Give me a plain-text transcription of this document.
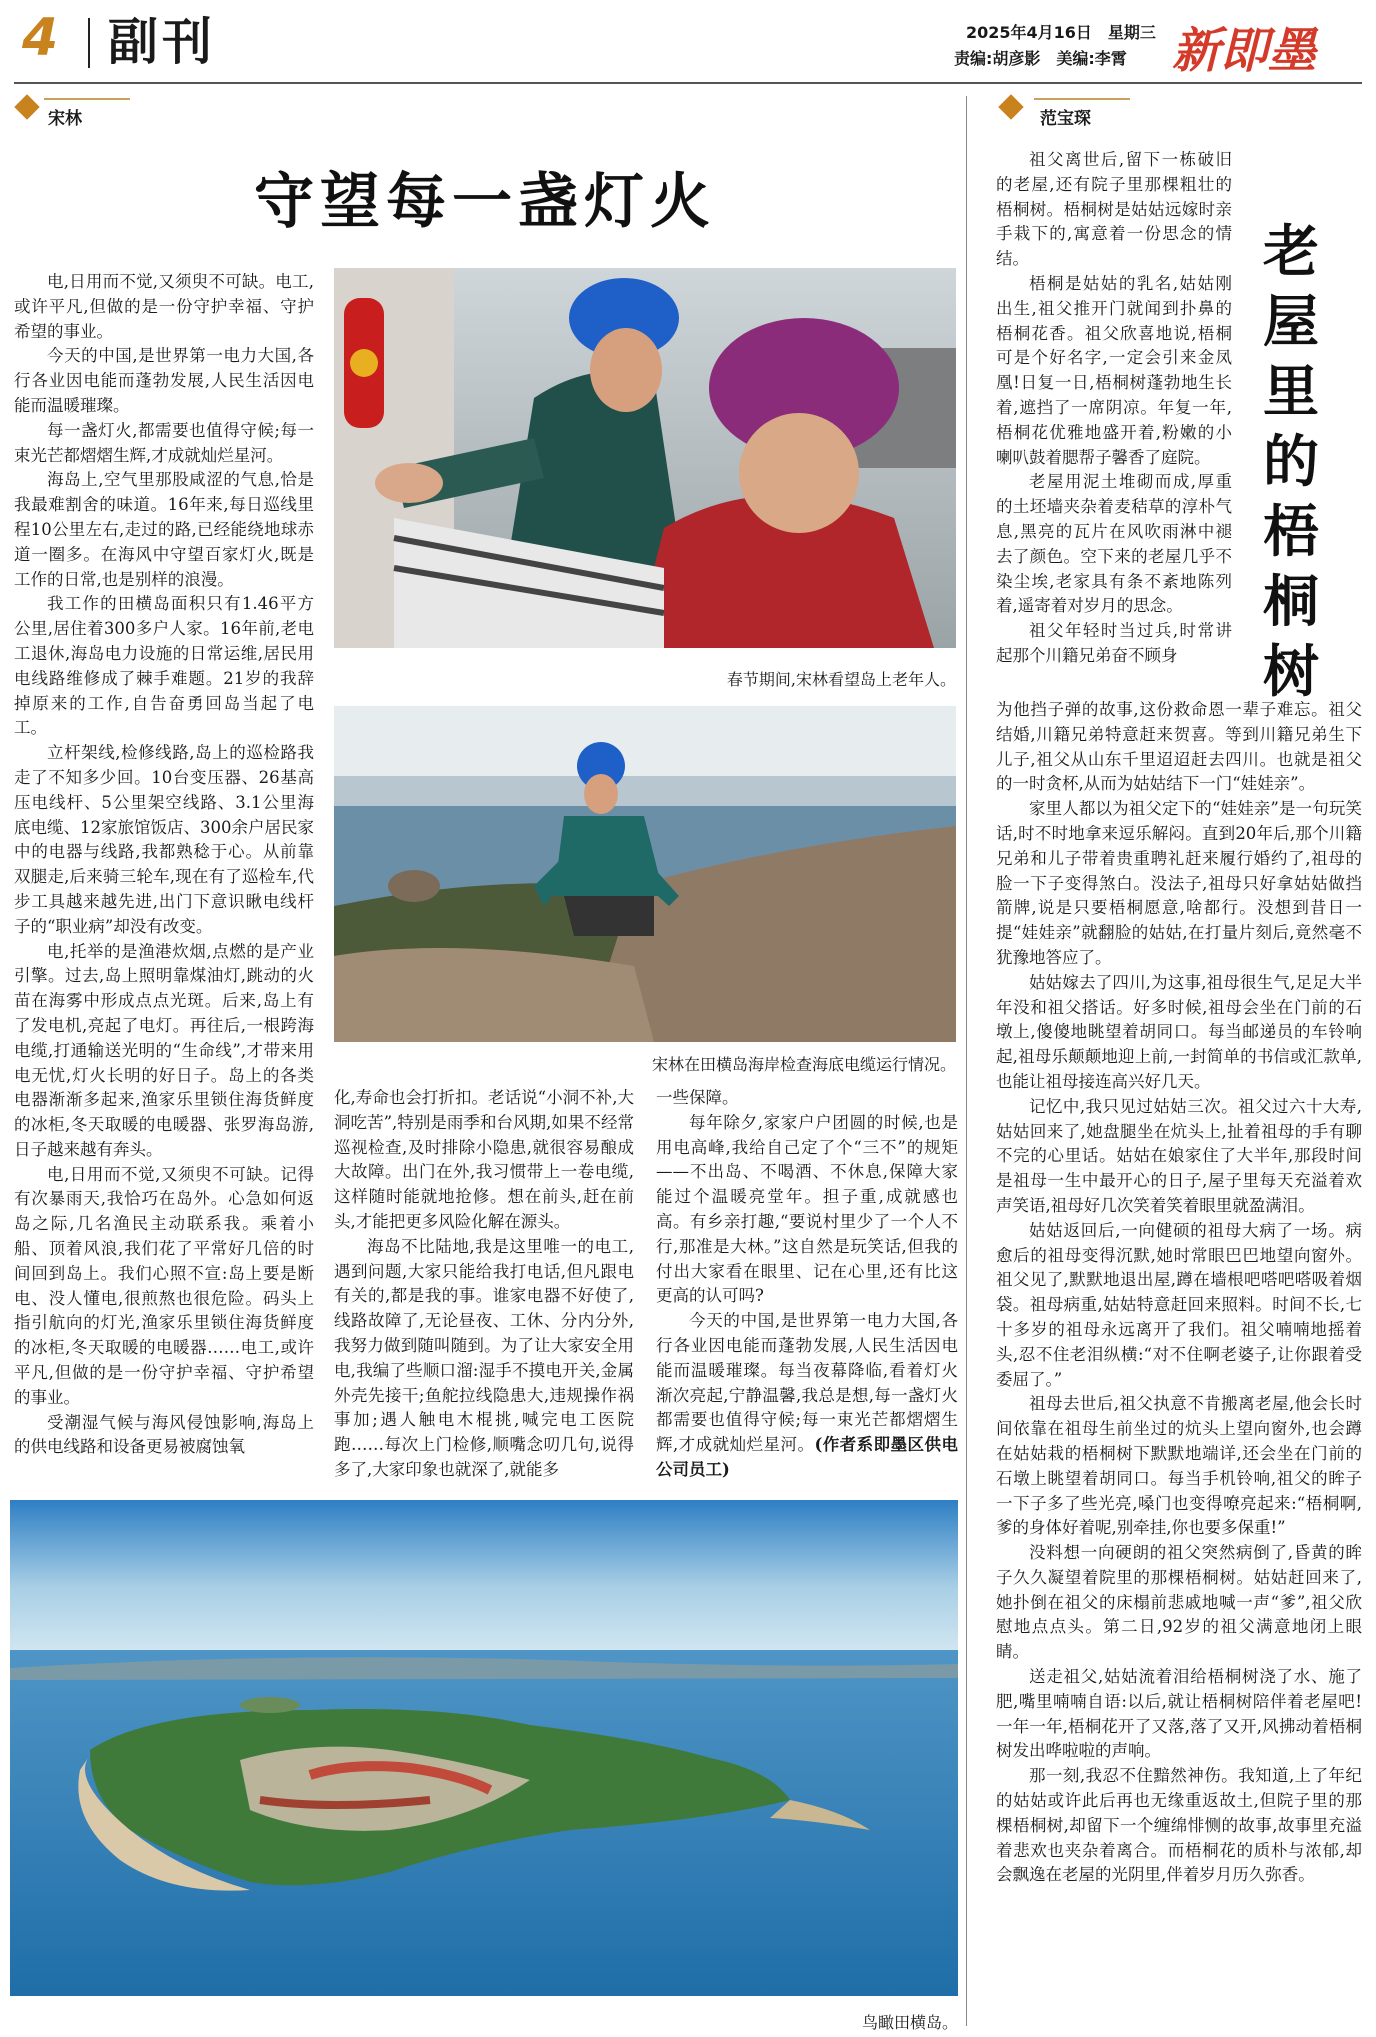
4 副刊	2025年4月16日　星期三
责编:胡彦影　美编:李霄 新即墨
宋林
守望每一盏灯火

电,日用而不觉,又须臾不可缺。电工,或许平凡,但做的是一份守护幸福、守护希望的事业。

今天的中国,是世界第一电力大国,各行各业因电能而蓬勃发展,人民生活因电能而温暖璀璨。

每一盏灯火,都需要也值得守候;每一束光芒都熠熠生辉,才成就灿烂星河。

海岛上,空气里那股咸涩的气息,恰是我最难割舍的味道。16年来,每日巡线里程10公里左右,走过的路,已经能绕地球赤道一圈多。在海风中守望百家灯火,既是工作的日常,也是别样的浪漫。

我工作的田横岛面积只有1.46平方公里,居住着300多户人家。16年前,老电工退休,海岛电力设施的日常运维,居民用电线路维修成了棘手难题。21岁的我辞掉原来的工作,自告奋勇回岛当起了电工。

立杆架线,检修线路,岛上的巡检路我走了不知多少回。10台变压器、26基高压电线杆、5公里架空线路、3.1公里海底电缆、12家旅馆饭店、300余户居民家中的电器与线路,我都熟稔于心。从前靠双腿走,后来骑三轮车,现在有了巡检车,代步工具越来越先进,出门下意识瞅电线杆子的“职业病”却没有改变。

电,托举的是渔港炊烟,点燃的是产业引擎。过去,岛上照明靠煤油灯,跳动的火苗在海雾中形成点点光斑。后来,岛上有了发电机,亮起了电灯。再往后,一根跨海电缆,打通输送光明的“生命线”,才带来用电无忧,灯火长明的好日子。岛上的各类电器渐渐多起来,渔家乐里锁住海货鲜度的冰柜,冬天取暖的电暖器、张罗海岛游,日子越来越有奔头。

电,日用而不觉,又须臾不可缺。记得有次暴雨天,我恰巧在岛外。心急如何返岛之际,几名渔民主动联系我。乘着小船、顶着风浪,我们花了平常好几倍的时间回到岛上。我们心照不宣:岛上要是断电、没人懂电,很煎熬也很危险。码头上指引航向的灯光,渔家乐里锁住海货鲜度的冰柜,冬天取暖的电暖器……电工,或许平凡,但做的是一份守护幸福、守护希望的事业。

受潮湿气候与海风侵蚀影响,海岛上的供电线路和设备更易被腐蚀氧

春节期间,宋林看望岛上老年人。
宋林在田横岛海岸检查海底电缆运行情况。

化,寿命也会打折扣。老话说“小洞不补,大洞吃苦”,特别是雨季和台风期,如果不经常巡视检查,及时排除小隐患,就很容易酿成大故障。出门在外,我习惯带上一卷电缆,这样随时能就地抢修。想在前头,赶在前头,才能把更多风险化解在源头。

海岛不比陆地,我是这里唯一的电工,遇到问题,大家只能给我打电话,但凡跟电有关的,都是我的事。谁家电器不好使了,线路故障了,无论昼夜、工休、分内分外,我努力做到随叫随到。为了让大家安全用电,我编了些顺口溜:湿手不摸电开关,金属外壳先接干;鱼舵拉线隐患大,违规操作祸事加;遇人触电木棍挑,喊完电工医院跑……每次上门检修,顺嘴念叨几句,说得多了,大家印象也就深了,就能多

一些保障。

每年除夕,家家户户团圆的时候,也是用电高峰,我给自己定了个“三不”的规矩——不出岛、不喝酒、不休息,保障大家能过个温暖亮堂年。担子重,成就感也高。有乡亲打趣,“要说村里少了一个人不行,那准是大林。”这自然是玩笑话,但我的付出大家看在眼里、记在心里,还有比这更高的认可吗?

今天的中国,是世界第一电力大国,各行各业因电能而蓬勃发展,人民生活因电能而温暖璀璨。每当夜幕降临,看着灯火渐次亮起,宁静温馨,我总是想,每一盏灯火都需要也值得守候;每一束光芒都熠熠生辉,才成就灿烂星河。(作者系即墨区供电公司员工)

鸟瞰田横岛。
范宝琛
老屋里的梧桐树

祖父离世后,留下一栋破旧的老屋,还有院子里那棵粗壮的梧桐树。梧桐树是姑姑远嫁时亲手栽下的,寓意着一份思念的情结。

梧桐是姑姑的乳名,姑姑刚出生,祖父推开门就闻到扑鼻的梧桐花香。祖父欣喜地说,梧桐可是个好名字,一定会引来金凤凰!日复一日,梧桐树蓬勃地生长着,遮挡了一席阴凉。年复一年,梧桐花优雅地盛开着,粉嫩的小喇叭鼓着腮帮子馨香了庭院。

老屋用泥土堆砌而成,厚重的土坯墙夹杂着麦秸草的淳朴气息,黑亮的瓦片在风吹雨淋中褪去了颜色。空下来的老屋几乎不染尘埃,老家具有条不紊地陈列着,遥寄着对岁月的思念。

祖父年轻时当过兵,时常讲起那个川籍兄弟奋不顾身

为他挡子弹的故事,这份救命恩一辈子难忘。祖父结婚,川籍兄弟特意赶来贺喜。等到川籍兄弟生下儿子,祖父从山东千里迢迢赶去四川。也就是祖父的一时贪杯,从而为姑姑结下一门“娃娃亲”。

家里人都以为祖父定下的“娃娃亲”是一句玩笑话,时不时地拿来逗乐解闷。直到20年后,那个川籍兄弟和儿子带着贵重聘礼赶来履行婚约了,祖母的脸一下子变得煞白。没法子,祖母只好拿姑姑做挡箭牌,说是只要梧桐愿意,啥都行。没想到昔日一提“娃娃亲”就翻脸的姑姑,在打量片刻后,竟然毫不犹豫地答应了。

姑姑嫁去了四川,为这事,祖母很生气,足足大半年没和祖父搭话。好多时候,祖母会坐在门前的石墩上,傻傻地眺望着胡同口。每当邮递员的车铃响起,祖母乐颠颠地迎上前,一封简单的书信或汇款单,也能让祖母接连高兴好几天。

记忆中,我只见过姑姑三次。祖父过六十大寿,姑姑回来了,她盘腿坐在炕头上,扯着祖母的手有聊不完的心里话。姑姑在娘家住了大半年,那段时间是祖母一生中最开心的日子,屋子里每天充溢着欢声笑语,祖母好几次笑着笑着眼里就盈满泪。

姑姑返回后,一向健硕的祖母大病了一场。病愈后的祖母变得沉默,她时常眼巴巴地望向窗外。祖父见了,默默地退出屋,蹲在墙根吧嗒吧嗒吸着烟袋。祖母病重,姑姑特意赶回来照料。时间不长,七十多岁的祖母永远离开了我们。祖父喃喃地摇着头,忍不住老泪纵横:“对不住啊老婆子,让你跟着受委屈了。”

祖母去世后,祖父执意不肯搬离老屋,他会长时间依靠在祖母生前坐过的炕头上望向窗外,也会蹲在姑姑栽的梧桐树下默默地端详,还会坐在门前的石墩上眺望着胡同口。每当手机铃响,祖父的眸子一下子多了些光亮,嗓门也变得嘹亮起来:“梧桐啊,爹的身体好着呢,别牵挂,你也要多保重!”

没料想一向硬朗的祖父突然病倒了,昏黄的眸子久久凝望着院里的那棵梧桐树。姑姑赶回来了,她扑倒在祖父的床榻前悲戚地喊一声“爹”,祖父欣慰地点点头。第二日,92岁的祖父满意地闭上眼睛。

送走祖父,姑姑流着泪给梧桐树浇了水、施了肥,嘴里喃喃自语:以后,就让梧桐树陪伴着老屋吧!一年一年,梧桐花开了又落,落了又开,风拂动着梧桐树发出哗啦啦的声响。

那一刻,我忍不住黯然神伤。我知道,上了年纪的姑姑或许此后再也无缘重返故土,但院子里的那棵梧桐树,却留下一个缠绵悱恻的故事,故事里充溢着悲欢也夹杂着离合。而梧桐花的质朴与浓郁,却会飘逸在老屋的光阴里,伴着岁月历久弥香。
